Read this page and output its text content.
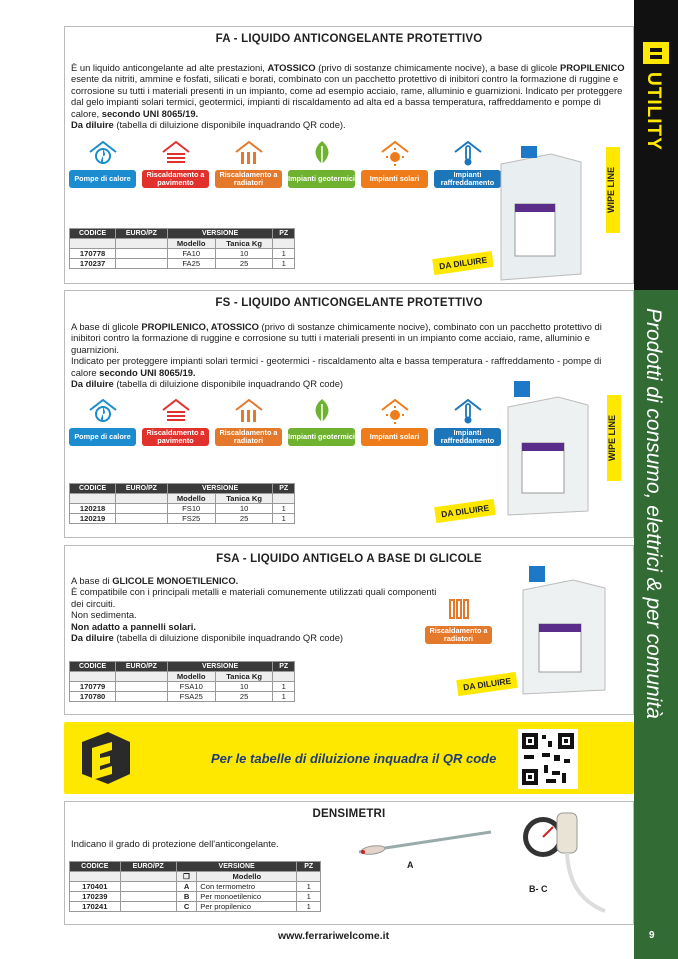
UTILITY
Prodotti di consumo, elettrici & per comunità
FA - LIQUIDO ANTICONGELANTE PROTETTIVO
È un liquido anticongelante ad alte prestazioni, ATOSSICO (privo di sostanze chimicamente nocive), a base di glicole PROPILENICO esente da nitriti, ammine e fosfati, silicati e borati, combinato con un pacchetto protettivo di inibitori contro la formazione di ruggine e corrosione su tutti i materiali presenti in un impianto, come ad esempio acciaio, rame, alluminio e guarnizioni. Indicato per proteggere dal gelo impianti solari termici, geotermici, impianti di riscaldamento ad alta ed a bassa temperatura, raffreddamento e pompe di calore, secondo UNI 8065/19.
Da diluire (tabella di diluizione disponibile inquadrando QR code).
Pompe di calore	Riscaldamento a pavimento
Riscaldamento a radiatori	Impianti geotermici	Impianti solari	Impianti raffreddamento
CODICE	EURO/PZ	VERSIONE		PZ
		Modello	Tanica Kg	
170778		FA10	10	1
170237		FA25	25	1
WIPE LINE
DA DILUIRE
FS - LIQUIDO ANTICONGELANTE PROTETTIVO
A base di glicole PROPILENICO, ATOSSICO (privo di sostanze chimicamente nocive), combinato con un pacchetto protettivo di inibitori contro la formazione di ruggine e corrosione su tutti i materiali presenti in un impianto come acciaio, rame, alluminio e guarnizioni.
Indicato per proteggere impianti solari termici - geotermici - riscaldamento alta e bassa temperatura - raffreddamento - pompe di calore secondo UNI 8065/19.
Da diluire (tabella di diluizione disponibile inquadrando QR code)
Pompe di calore	Riscaldamento a pavimento
Riscaldamento a radiatori	Impianti geotermici	Impianti solari	Impianti raffreddamento
CODICE	EURO/PZ	VERSIONE		PZ
		Modello	Tanica Kg	
120218		FS10	10	1
120219		FS25	25	1
WIPE LINE
DA DILUIRE
FSA - LIQUIDO ANTIGELO A BASE DI GLICOLE
A base di GLICOLE MONOETILENICO.
È compatibile con i principali metalli e materiali comunemente utilizzati quali componenti dei circuiti.
Non sedimenta.
Non adatto a pannelli solari.
Da diluire (tabella di diluizione disponibile inquadrando QR code)
CODICE	EURO/PZ	VERSIONE		PZ
		Modello	Tanica Kg	
170779		FSA10	10	1
170780		FSA25	25	1
Riscaldamento a radiatori
DA DILUIRE
Per le tabelle di diluizione inquadra il QR code
DENSIMETRI
Indicano il grado di protezione dell'anticongelante.
CODICE	EURO/PZ	VERSIONE		PZ
		❐	Modello	
170401		A	Con termometro	1
170239		B	Per monoetilenico	1
170241		C	Per propilenico	1
A
B- C
www.ferrariwelcome.it	9
